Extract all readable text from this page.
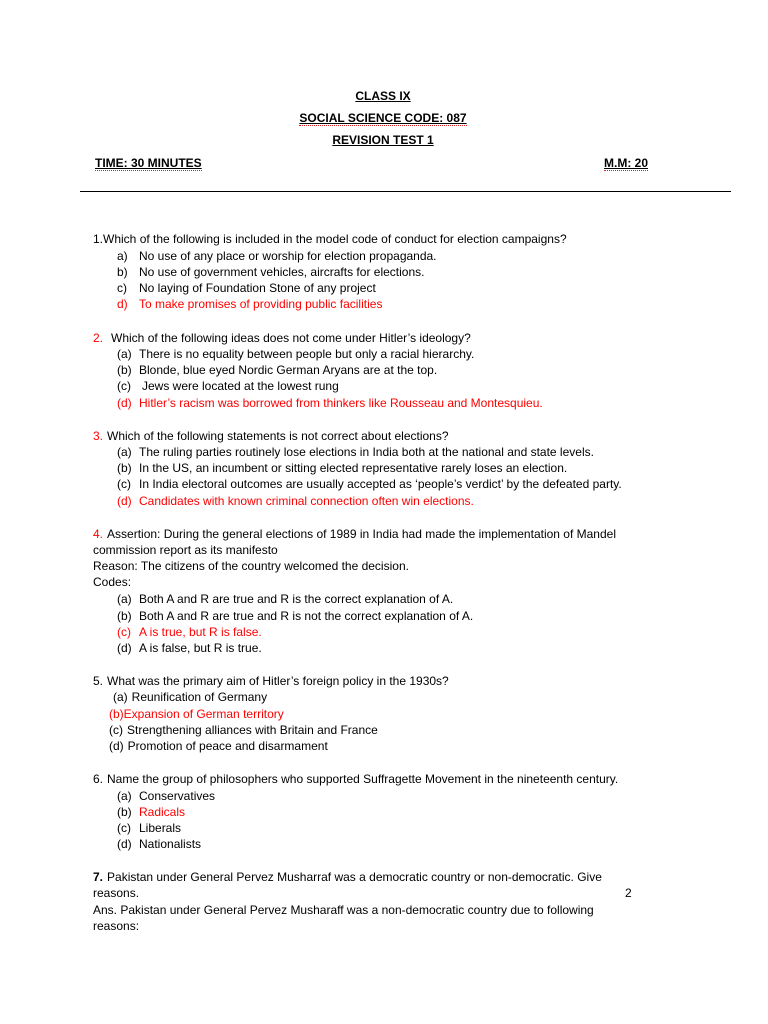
CLASS IX
SOCIAL SCIENCE CODE: 087
REVISION TEST 1
TIME: 30 MINUTES	M.M: 20
1.Which of the following is included in the model code of conduct for election campaigns?
a) No use of any place or worship for election propaganda.
b) No use of government vehicles, aircrafts for elections.
c) No laying of Foundation Stone of any project
d) To make promises of providing public facilities
2. Which of the following ideas does not come under Hitler’s ideology?
(a) There is no equality between people but only a racial hierarchy.
(b) Blonde, blue eyed Nordic German Aryans are at the top.
(c) Jews were located at the lowest rung
(d) Hitler’s racism was borrowed from thinkers like Rousseau and Montesquieu.
3. Which of the following statements is not correct about elections?
(a) The ruling parties routinely lose elections in India both at the national and state levels.
(b) In the US, an incumbent or sitting elected representative rarely loses an election.
(c) In India electoral outcomes are usually accepted as ‘people’s verdict’ by the defeated party.
(d) Candidates with known criminal connection often win elections.
4. Assertion: During the general elections of 1989 in India had made the implementation of Mandel
commission report as its manifesto
Reason: The citizens of the country welcomed the decision.
Codes:
(a) Both A and R are true and R is the correct explanation of A.
(b) Both A and R are true and R is not the correct explanation of A.
(c) A is true, but R is false.
(d) A is false, but R is true.
5. What was the primary aim of Hitler’s foreign policy in the 1930s?
(a) Reunification of Germany
(b)Expansion of German territory
(c) Strengthening alliances with Britain and France
(d) Promotion of peace and disarmament
6. Name the group of philosophers who supported Suffragette Movement in the nineteenth century.
(a) Conservatives
(b) Radicals
(c) Liberals
(d) Nationalists
7. Pakistan under General Pervez Musharraf was a democratic country or non-democratic. Give
reasons.	2
Ans. Pakistan under General Pervez Musharaff was a non-democratic country due to following
reasons:
